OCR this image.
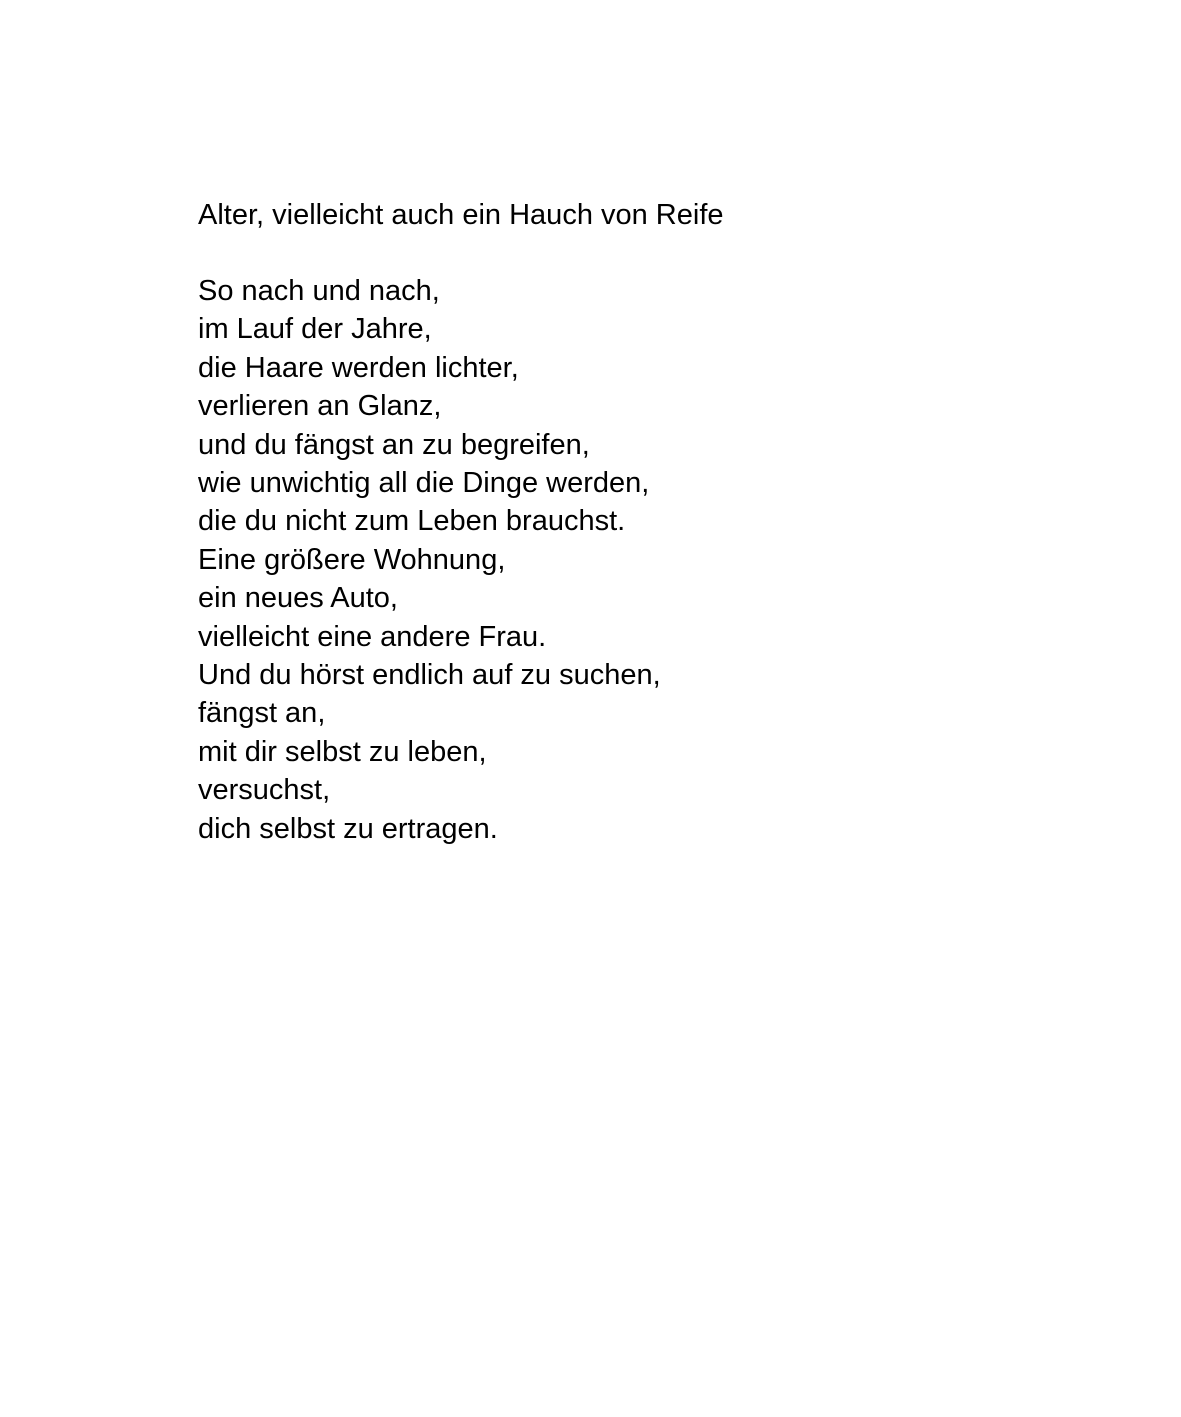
Alter, vielleicht auch ein Hauch von Reife
So nach und nach,
im Lauf der Jahre,
die Haare werden lichter,
verlieren an Glanz,
und du fängst an zu begreifen,
wie unwichtig all die Dinge werden,
die du nicht zum Leben brauchst.
Eine größere Wohnung,
ein neues Auto,
vielleicht eine andere Frau.
Und du hörst endlich auf zu suchen,
fängst an,
mit dir selbst zu leben,
versuchst,
dich selbst zu ertragen.
